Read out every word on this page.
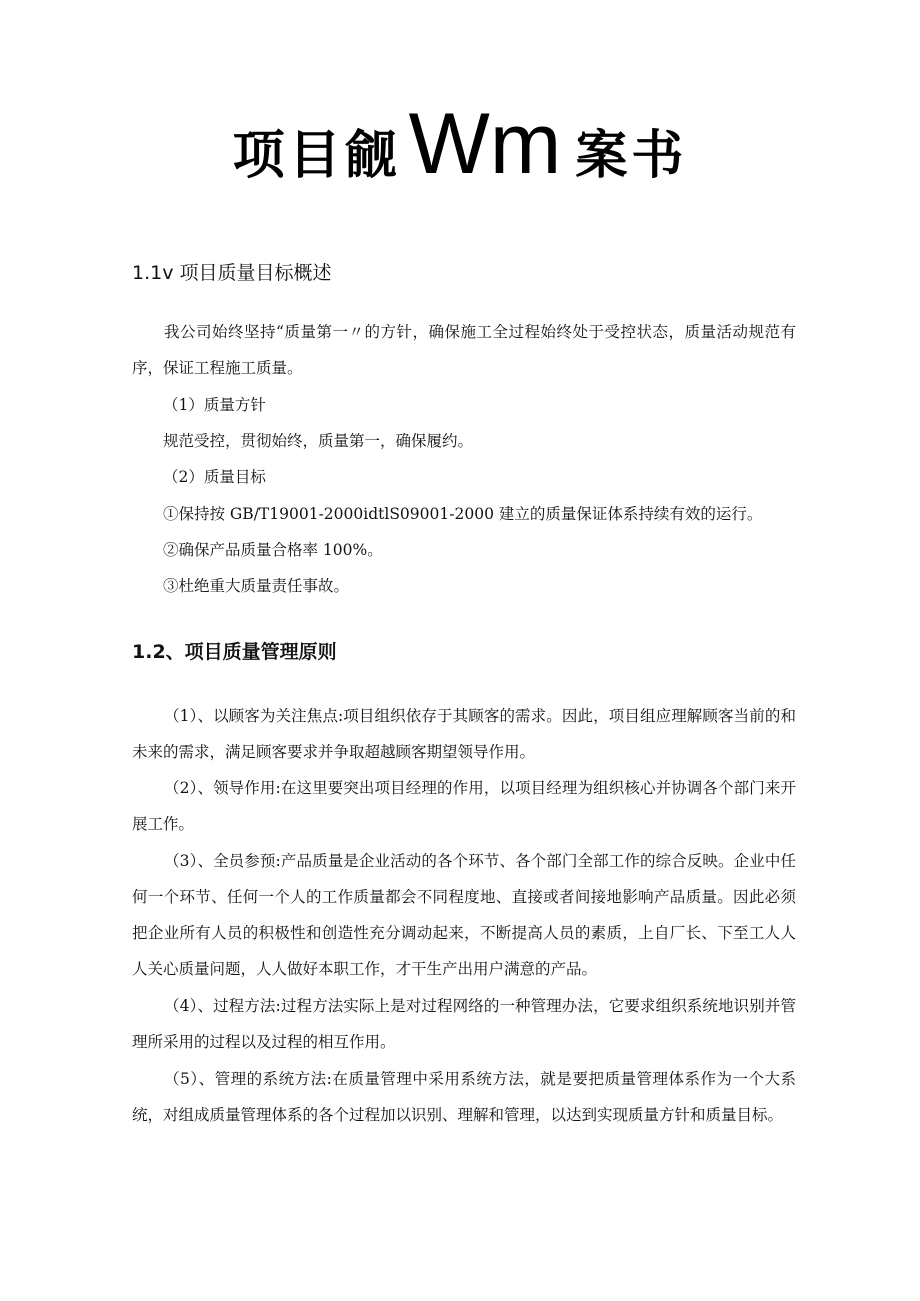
项目觎Wm 案书
1.1v 项目质量目标概述

我公司始终坚持“质量第一〃的方针，确保施工全过程始终处于受控状态，质量活动规范有序，保证工程施工质量。

（1）质量方针
规范受控，贯彻始终，质量第一，确保履约。
（2）质量目标
①保持按 GB/T19001-2000idtlS09001-2000 建立的质量保证体系持续有效的运行。
②确保产品质量合格率 100%。
③杜绝重大质量责任事故。
1.2、项目质量管理原则

（1）、以顾客为关注焦点:项目组织依存于其顾客的需求。因此，项目组应理解顾客当前的和未来的需求，满足顾客要求并争取超越顾客期望领导作用。

（2）、领导作用:在这里要突出项目经理的作用，以项目经理为组织核心并协调各个部门来开展工作。

（3）、全员参预:产品质量是企业活动的各个环节、各个部门全部工作的综合反映。企业中任何一个环节、任何一个人的工作质量都会不同程度地、直接或者间接地影响产品质量。因此必须把企业所有人员的积极性和创造性充分调动起来，不断提高人员的素质，上自厂长、下至工人人人关心质量问题，人人做好本职工作，才干生产出用户满意的产品。

（4）、过程方法:过程方法实际上是对过程网络的一种管理办法，它要求组织系统地识别并管理所采用的过程以及过程的相互作用。

（5）、管理的系统方法:在质量管理中采用系统方法，就是要把质量管理体系作为一个大系统，对组成质量管理体系的各个过程加以识别、理解和管理，以达到实现质量方针和质量目标。
